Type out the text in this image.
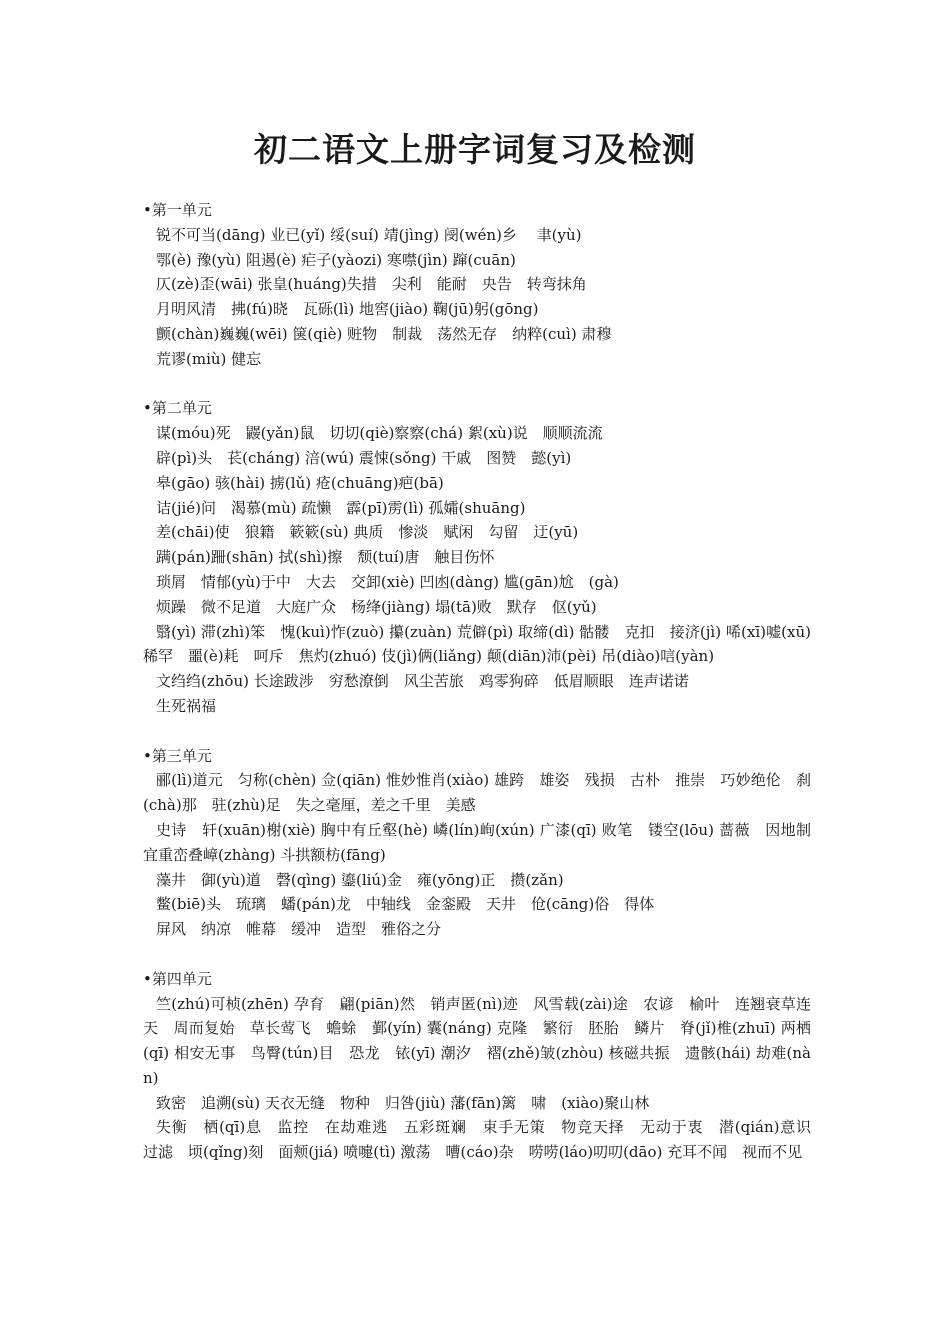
初二语文上册字词复习及检测
•第一单元
锐不可当(dāng) 业已(yǐ) 绥(suí) 靖(jìng) 阌(wén)乡　 聿(yù)
鄂(è) 豫(yù) 阻遏(è) 疟子(yàozi) 寒噤(jìn) 蹿(cuān)
仄(zè)歪(wāi) 张皇(huáng)失措　尖利　能耐　央告　转弯抹角
月明风清　拂(fú)晓　瓦砾(lì) 地窖(jiào) 鞠(jū)躬(gōng)
颤(chàn)巍巍(wēi) 箧(qiè) 赃物　制裁　荡然无存　纳粹(cuì) 肃穆
荒谬(miù) 健忘
•第二单元
谋(móu)死　鼹(yǎn)鼠　切切(qiè)察察(chá) 絮(xù)说　顺顺流流
辟(pì)头　苌(cháng) 涪(wú) 震悚(sǒng) 干戚　图赞　懿(yì)
皋(gāo) 骇(hài) 掳(lǔ) 疮(chuāng)疤(bā)
诘(jié)问　渴慕(mù) 疏懒　霹(pī)雳(lì) 孤孀(shuāng)
差(chāi)使　狼籍　簌簌(sù) 典质　惨淡　赋闲　勾留　迂(yū)
蹒(pán)跚(shān) 拭(shì)擦　颓(tuí)唐　触目伤怀
琐屑　情郁(yù)于中　大去　交卸(xiè) 凹凼(dàng) 尴(gān)尬　(gà)
烦躁　微不足道　大庭广众　杨绛(jiàng) 塌(tā)败　默存　伛(yǔ)
翳(yì) 滞(zhì)笨　愧(kuì)怍(zuò) 攥(zuàn) 荒僻(pì) 取缔(dì) 骷髅　克扣　接济(jì) 唏(xī)嘘(xū) 稀罕　噩(è)耗　呵斥　焦灼(zhuó) 伎(jì)俩(liǎng) 颠(diān)沛(pèi) 吊(diào)唁(yàn)
文绉绉(zhōu) 长途跋涉　穷愁潦倒　风尘苦旅　鸡零狗碎　低眉顺眼　连声诺诺
生死祸福
•第三单元
郦(lì)道元　匀称(chèn) 佥(qiān) 惟妙惟肖(xiào) 雄跨　雄姿　残损　古朴　推崇　巧妙绝伦　刹(chà)那　驻(zhù)足　失之毫厘，差之千里　美感
史诗　轩(xuān)榭(xiè) 胸中有丘壑(hè) 嶙(lín)峋(xún) 广漆(qī) 败笔　镂空(lōu) 蔷薇　因地制宜重峦叠嶂(zhàng) 斗拱额枋(fāng)
藻井　御(yù)道　磬(qìng) 鎏(liú)金　雍(yōng)正　攒(zǎn)
鳖(biē)头　琉璃　蟠(pán)龙　中轴线　金銮殿　天井　伧(cāng)俗　得体
屏风　纳凉　帷幕　缓冲　造型　雅俗之分
•第四单元
竺(zhú)可桢(zhēn) 孕育　翩(piān)然　销声匿(nì)迹　风雪载(zài)途　农谚　榆叶　连翘衰草连天　周而复始　草长莺飞　蟾蜍　鄞(yín) 囊(náng) 克隆　繁衍　胚胎　鳞片　脊(jǐ)椎(zhuī) 两栖(qī) 相安无事　鸟臀(tún)目　恐龙　铱(yī) 潮汐　褶(zhě)皱(zhòu) 核磁共振　遗骸(hái) 劫难(nàn)
致密　追溯(sù) 天衣无缝　物种　归咎(jiù) 藩(fān)篱　啸　(xiào)聚山林
失衡　栖(qī)息　监控　在劫难逃　五彩斑斓　束手无策　物竞天择　无动于衷　潜(qián)意识　过滤　顷(qǐng)刻　面颊(jiá) 喷嚏(tì) 激荡　嘈(cáo)杂　唠唠(láo)叨叨(dāo) 充耳不闻　视而不见
